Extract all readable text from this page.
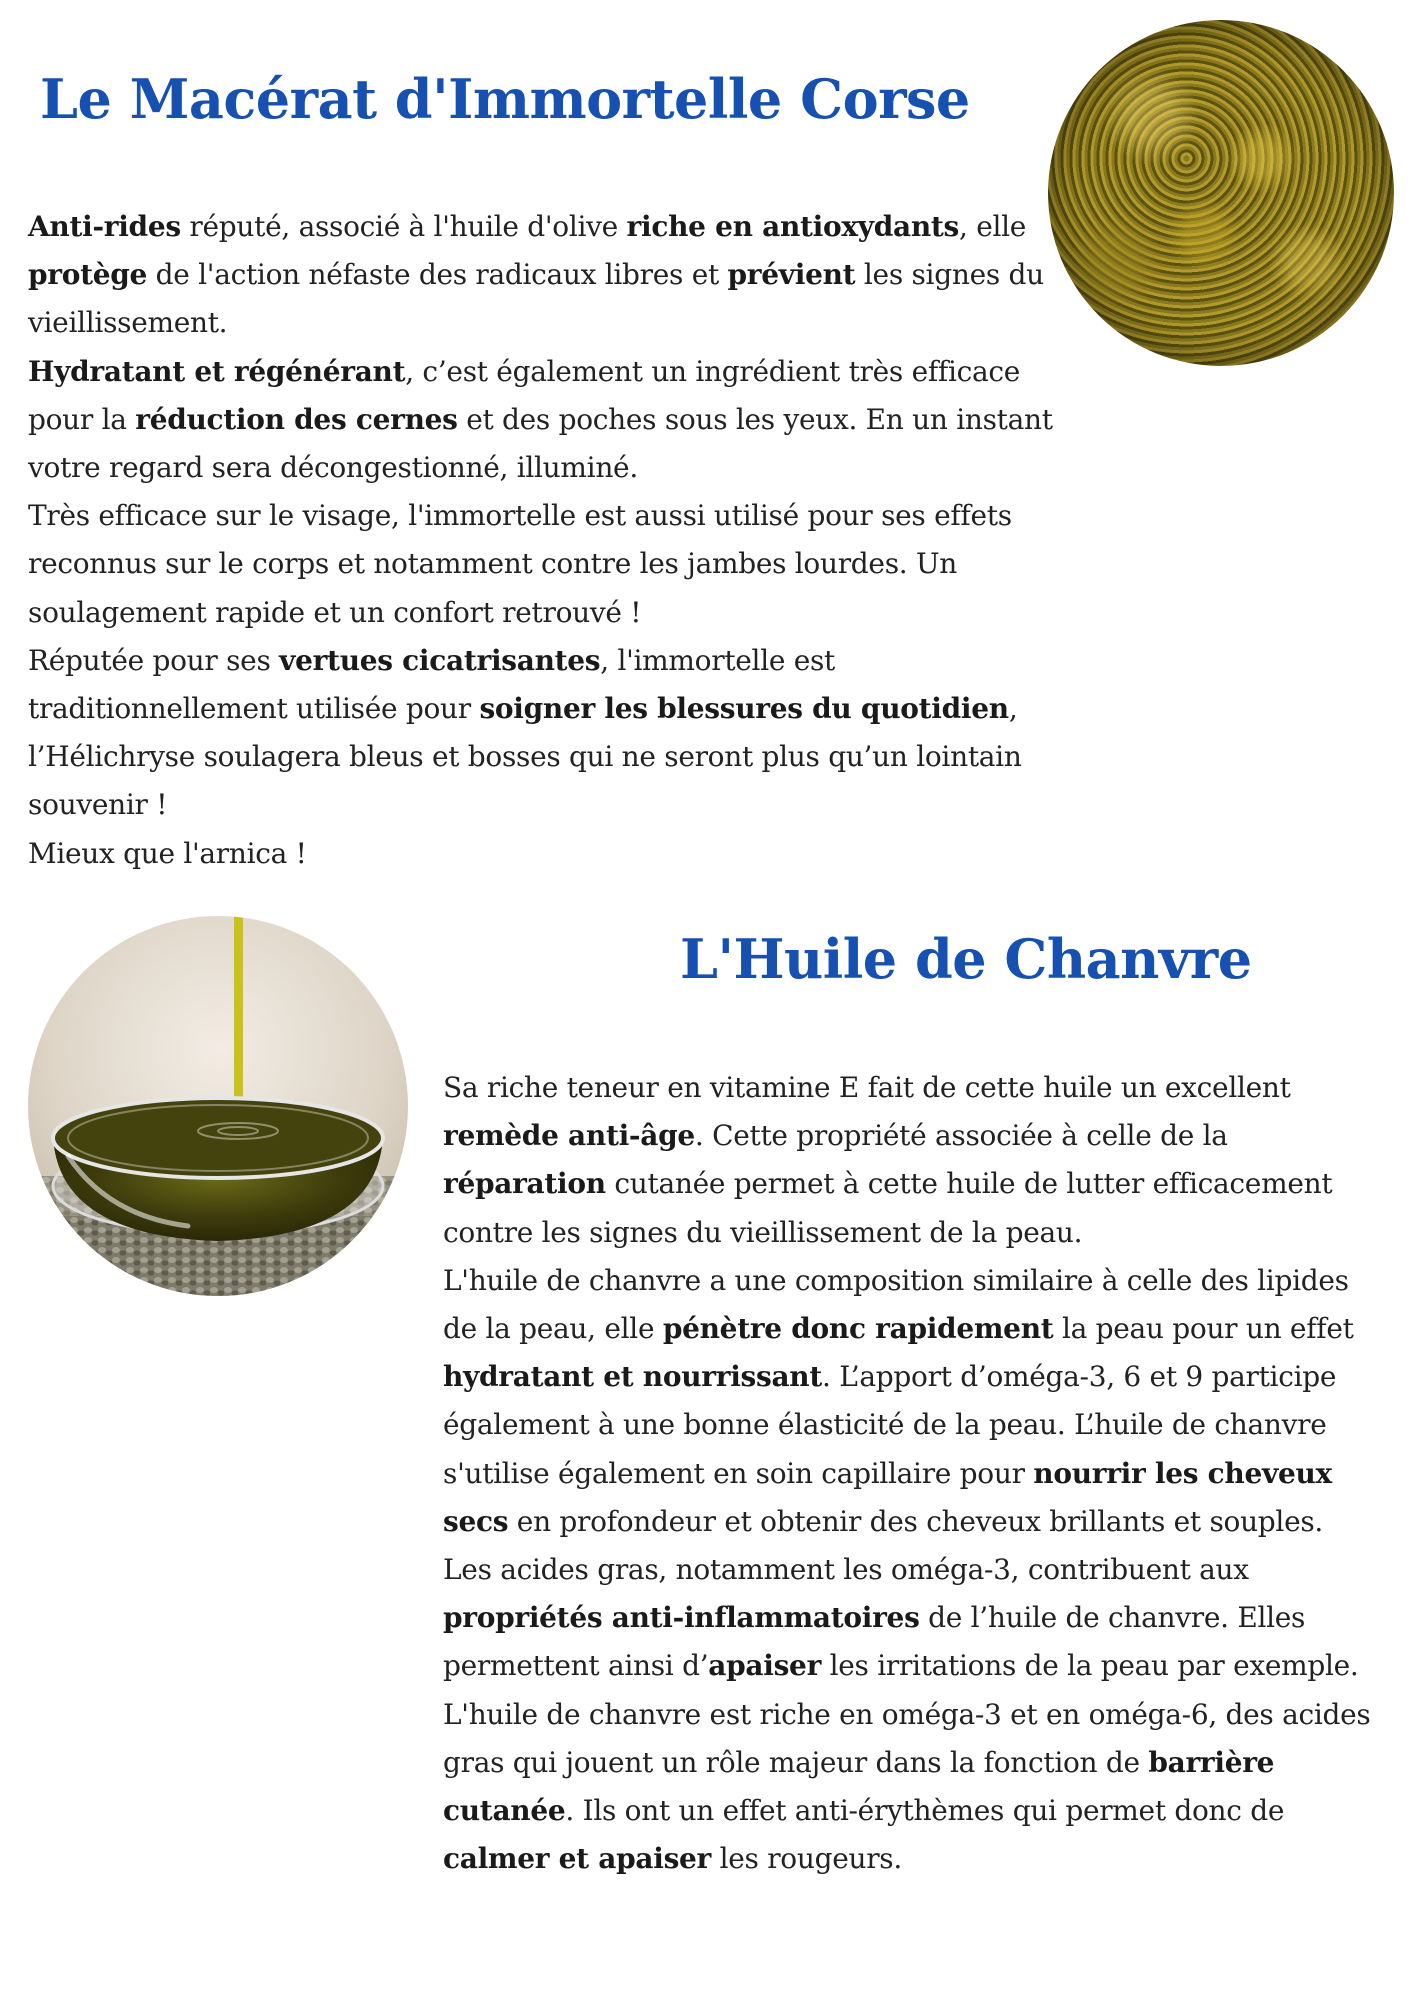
Le Macérat d'Immortelle Corse

Anti-rides réputé, associé à l'huile d'olive riche en antioxydants, elle protège de l'action néfaste des radicaux libres et prévient les signes du vieillissement.

Hydratant et régénérant, c’est également un ingrédient très efficace pour la réduction des cernes et des poches sous les yeux. En un instant votre regard sera décongestionné, illuminé.

Très efficace sur le visage, l'immortelle est aussi utilisé pour ses effets reconnus sur le corps et notamment contre les jambes lourdes. Un soulagement rapide et un confort retrouvé !

Réputée pour ses vertues cicatrisantes, l'immortelle est traditionnellement utilisée pour soigner les blessures du quotidien, l’Hélichryse soulagera bleus et bosses qui ne seront plus qu’un lointain souvenir !

Mieux que l'arnica !

L'Huile de Chanvre

Sa riche teneur en vitamine E fait de cette huile un excellent remède anti-âge. Cette propriété associée à celle de la réparation cutanée permet à cette huile de lutter efficacement contre les signes du vieillissement de la peau.

L'huile de chanvre a une composition similaire à celle des lipides de la peau, elle pénètre donc rapidement la peau pour un effet hydratant et nourrissant. L’apport d’oméga-3, 6 et 9 participe également à une bonne élasticité de la peau. L’huile de chanvre s'utilise également en soin capillaire pour nourrir les cheveux secs en profondeur et obtenir des cheveux brillants et souples.

Les acides gras, notamment les oméga-3, contribuent aux propriétés anti-inflammatoires de l’huile de chanvre. Elles permettent ainsi d’apaiser les irritations de la peau par exemple.

L'huile de chanvre est riche en oméga-3 et en oméga-6, des acides gras qui jouent un rôle majeur dans la fonction de barrière cutanée. Ils ont un effet anti-érythèmes qui permet donc de calmer et apaiser les rougeurs.
